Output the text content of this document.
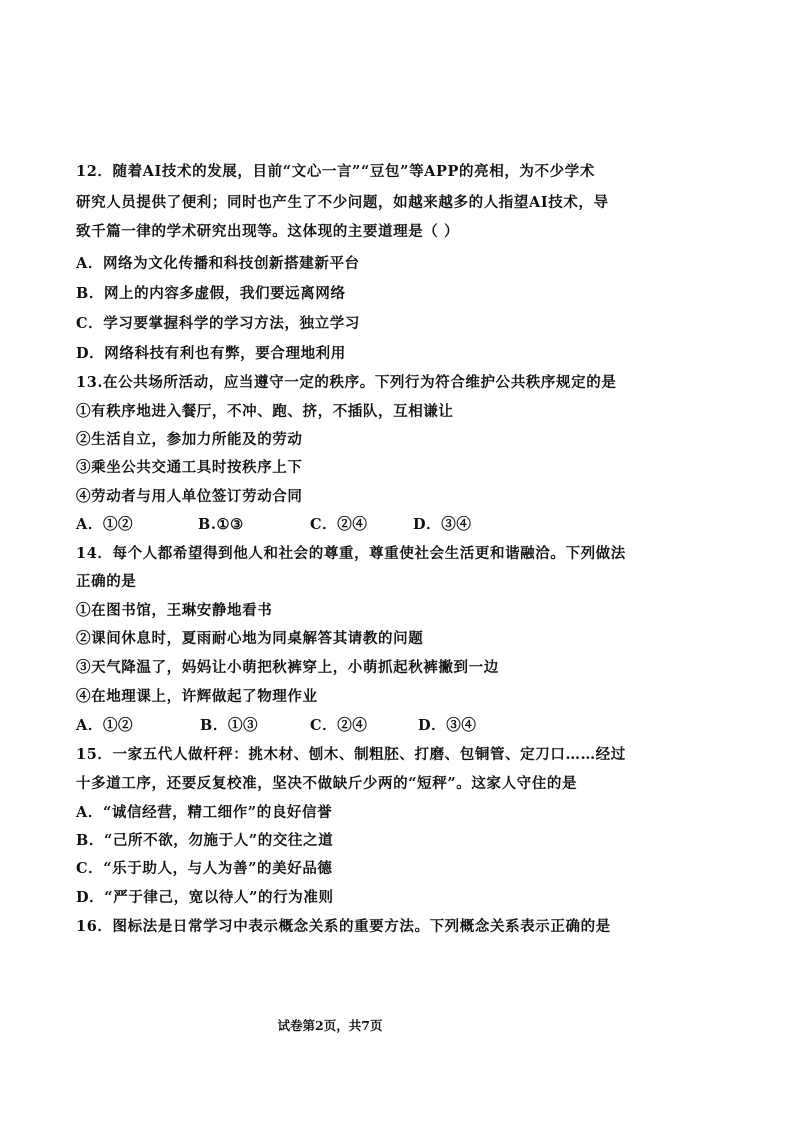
12．随着AI技术的发展，目前“文心一言”“豆包”等APP的亮相，为不少学术
研究人员提供了便利；同时也产生了不少问题，如越来越多的人指望AI技术，导
致千篇一律的学术研究出现等。这体现的主要道理是（ ）
A．网络为文化传播和科技创新搭建新平台
B．网上的内容多虚假，我们要远离网络
C．学习要掌握科学的学习方法，独立学习
D．网络科技有利也有弊，要合理地利用
13.在公共场所活动，应当遵守一定的秩序。下列行为符合维护公共秩序规定的是
①有秩序地进入餐厅，不冲、跑、挤，不插队，互相谦让
②生活自立，参加力所能及的劳动
③乘坐公共交通工具时按秩序上下
④劳动者与用人单位签订劳动合同
A．①②	B.①③	C．②④	D．③④
14．每个人都希望得到他人和社会的尊重，尊重使社会生活更和谐融洽。下列做法
正确的是
①在图书馆，王琳安静地看书
②课间休息时，夏雨耐心地为同桌解答其请教的问题
③天气降温了，妈妈让小萌把秋裤穿上，小萌抓起秋裤撇到一边
④在地理课上，许辉做起了物理作业
A．①②	B．①③	C．②④	D．③④
15．一家五代人做杆秤：挑木材、刨木、制粗胚、打磨、包铜管、定刀口……经过
十多道工序，还要反复校准，坚决不做缺斤少两的“短秤”。这家人守住的是
A．“诚信经营，精工细作”的良好信誉
B．“己所不欲，勿施于人”的交往之道
C．“乐于助人，与人为善”的美好品德
D．“严于律己，宽以待人”的行为准则
16．图标法是日常学习中表示概念关系的重要方法。下列概念关系表示正确的是
试卷第2页，共7页
